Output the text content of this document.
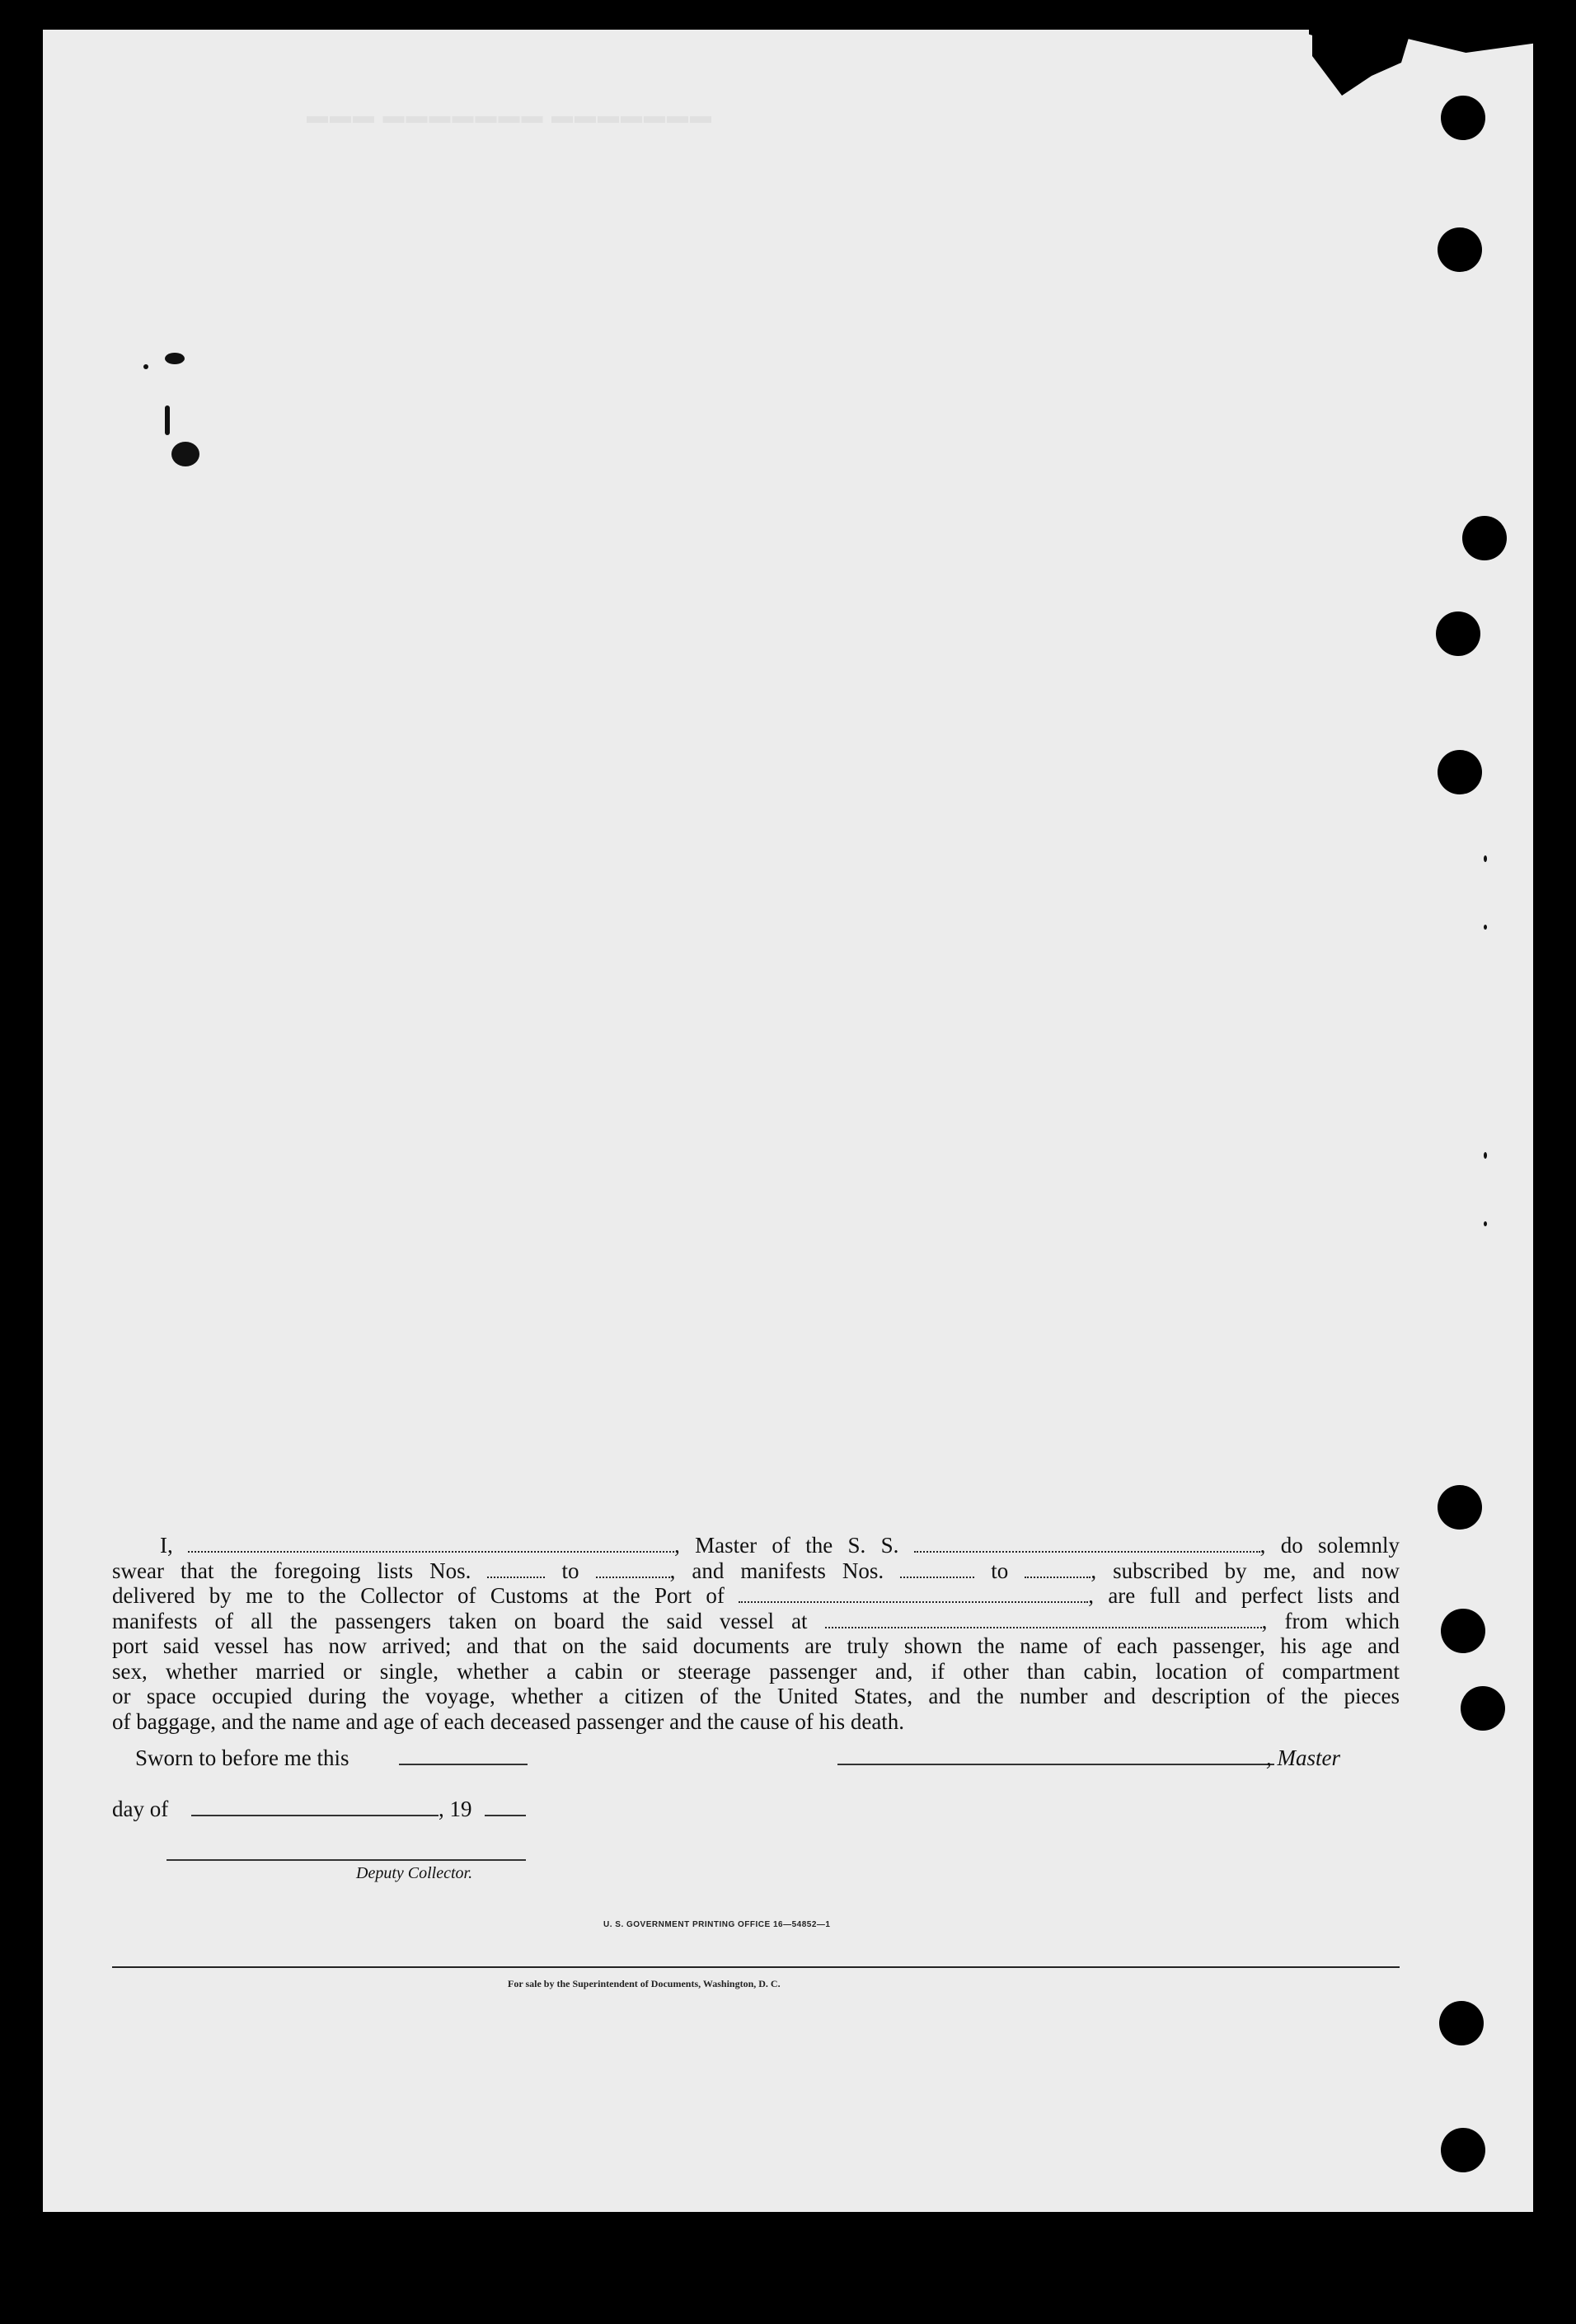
▬▬▬ ▬▬▬▬▬▬▬ ▬▬▬▬▬▬▬
I,	, Master of the S. S.	, do solemnly
swear that the foregoing lists Nos.	to	, and manifests Nos.	to	, subscribed by me, and now
delivered by me to the Collector of Customs at the Port of	, are full and perfect lists and
manifests of all the passengers taken on board the said vessel at	, from which
port said vessel has now arrived; and that on the said documents are truly shown the name of each passenger, his age and
sex, whether married or single, whether a cabin or steerage passenger and, if other than cabin, location of compartment
or space occupied during the voyage, whether a citizen of the United States, and the number and description of the pieces
of baggage, and the name and age of each deceased passenger and the cause of his death.
Sworn to before me this	, Master
day of	, 19
Deputy Collector.
U. S. GOVERNMENT PRINTING OFFICE 16—54852—1
For sale by the Superintendent of Documents, Washington, D. C.
